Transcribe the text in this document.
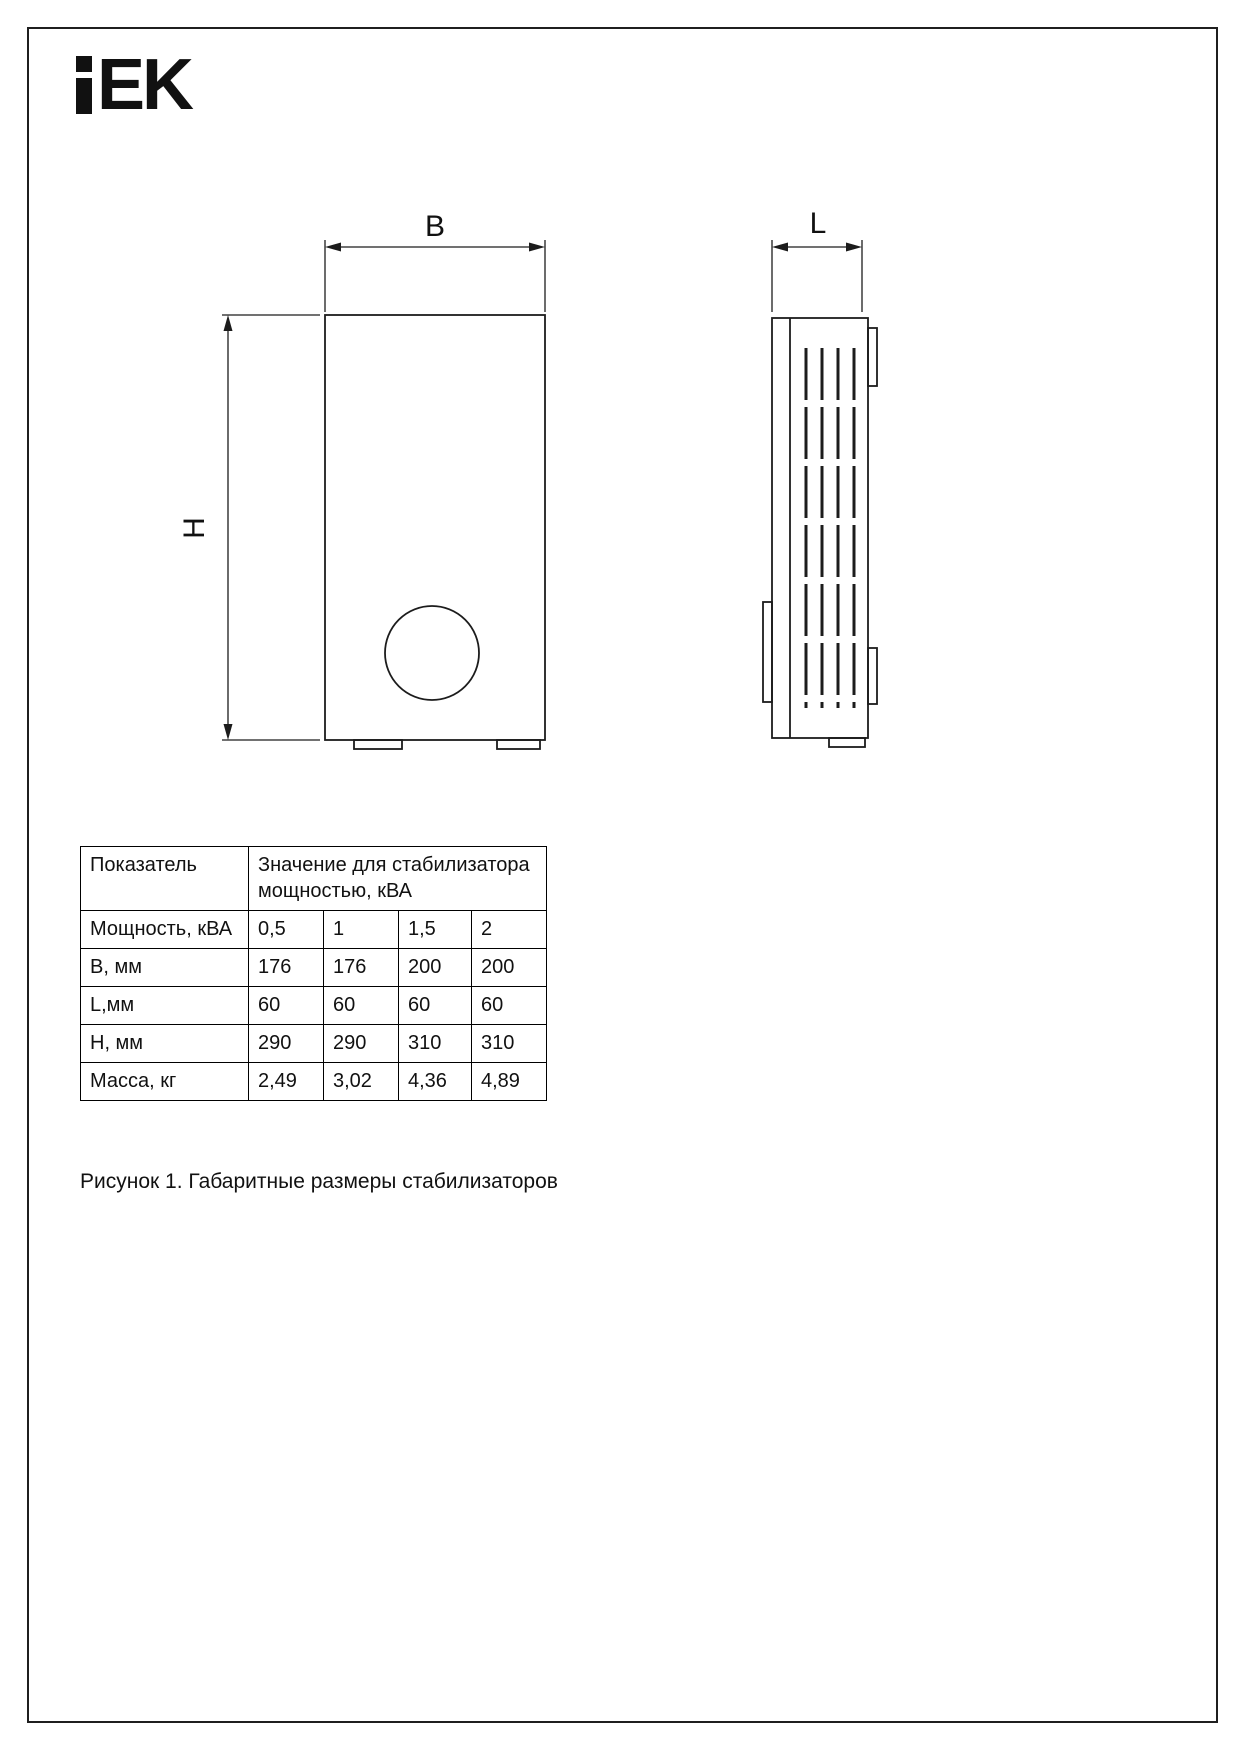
EK
B
H
L
Показатель	Значение для стабилизатора мощностью, кВА			
Мощность, кВА	0,5	1	1,5	2
B, мм	176	176	200	200
L,мм	60	60	60	60
H, мм	290	290	310	310
Масса, кг	2,49	3,02	4,36	4,89
Рисунок 1. Габаритные размеры стабилизаторов
